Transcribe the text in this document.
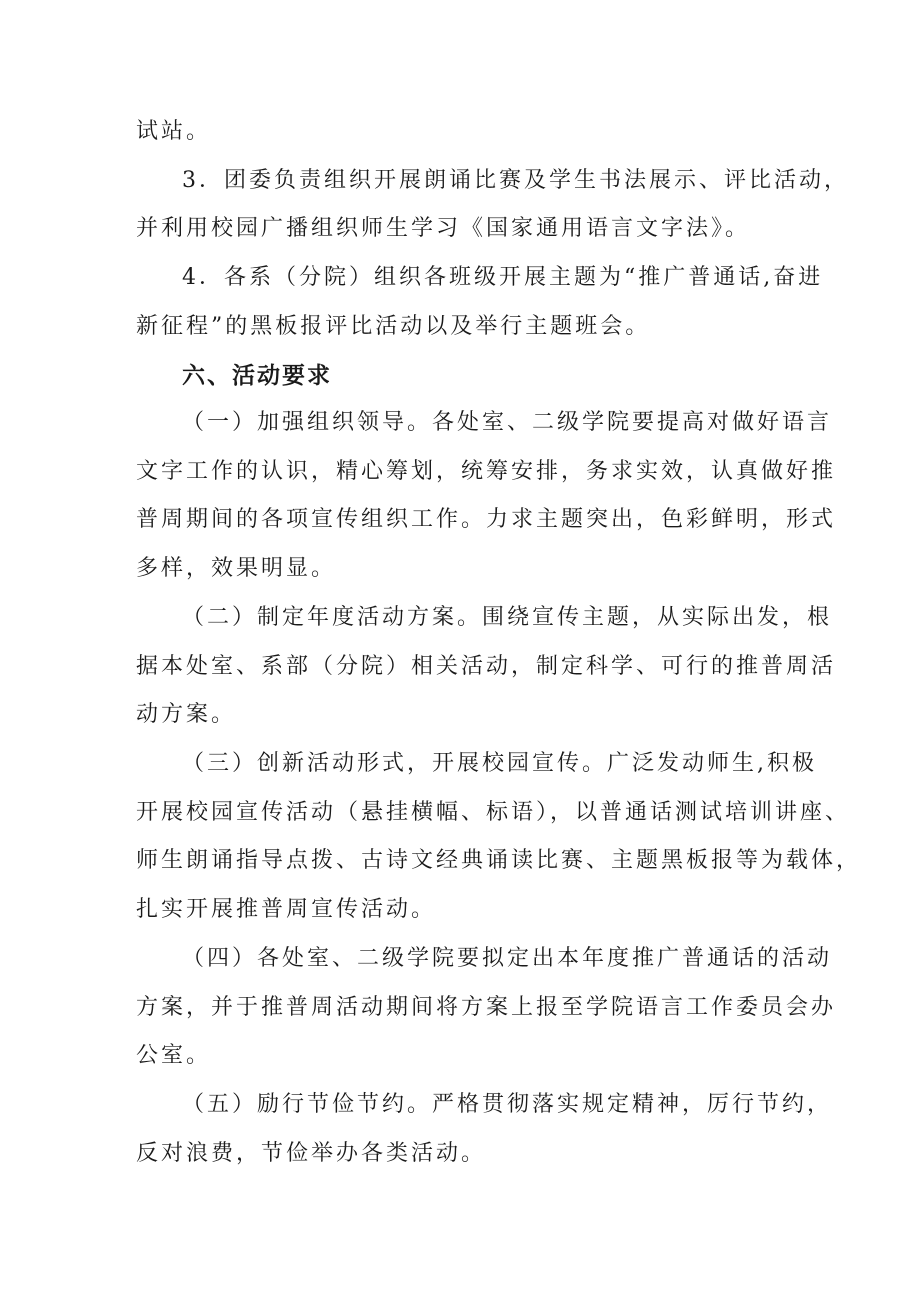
试站。
3．团委负责组织开展朗诵比赛及学生书法展示、评比活动，
并利用校园广播组织师生学习《国家通用语言文字法》。
4．各系（分院）组织各班级开展主题为“推广普通话,奋进
新征程”的黑板报评比活动以及举行主题班会。
六、活动要求
（一）加强组织领导。各处室、二级学院要提高对做好语言
文字工作的认识，精心筹划，统筹安排，务求实效，认真做好推
普周期间的各项宣传组织工作。力求主题突出，色彩鲜明，形式
多样，效果明显。
（二）制定年度活动方案。围绕宣传主题，从实际出发，根
据本处室、系部（分院）相关活动，制定科学、可行的推普周活
动方案。
（三）创新活动形式，开展校园宣传。广泛发动师生,积极
开展校园宣传活动（悬挂横幅、标语），以普通话测试培训讲座、
师生朗诵指导点拨、古诗文经典诵读比赛、主题黑板报等为载体，
扎实开展推普周宣传活动。
（四）各处室、二级学院要拟定出本年度推广普通话的活动
方案，并于推普周活动期间将方案上报至学院语言工作委员会办
公室。
（五）励行节俭节约。严格贯彻落实规定精神，厉行节约，
反对浪费，节俭举办各类活动。
